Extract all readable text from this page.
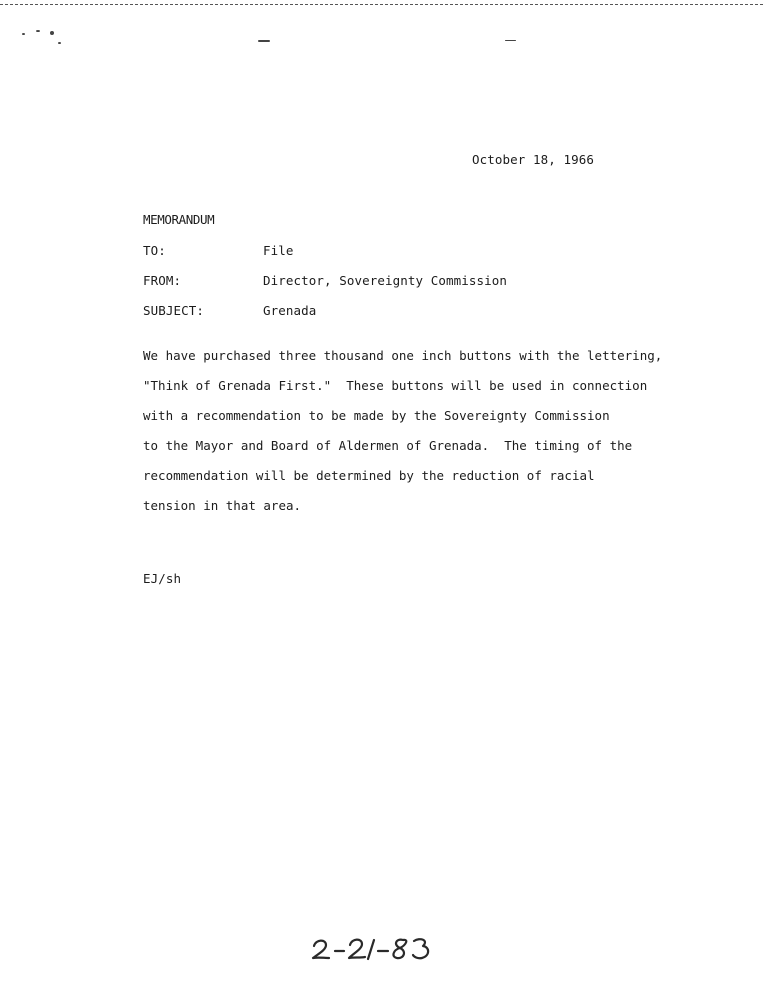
October 18, 1966
MEMORANDUM
TO:	File
FROM:	Director, Sovereignty Commission
SUBJECT:	Grenada
We have purchased three thousand one inch buttons with the lettering,
"Think of Grenada First."  These buttons will be used in connection
with a recommendation to be made by the Sovereignty Commission
to the Mayor and Board of Aldermen of Grenada.  The timing of the
recommendation will be determined by the reduction of racial
tension in that area.
EJ/sh
